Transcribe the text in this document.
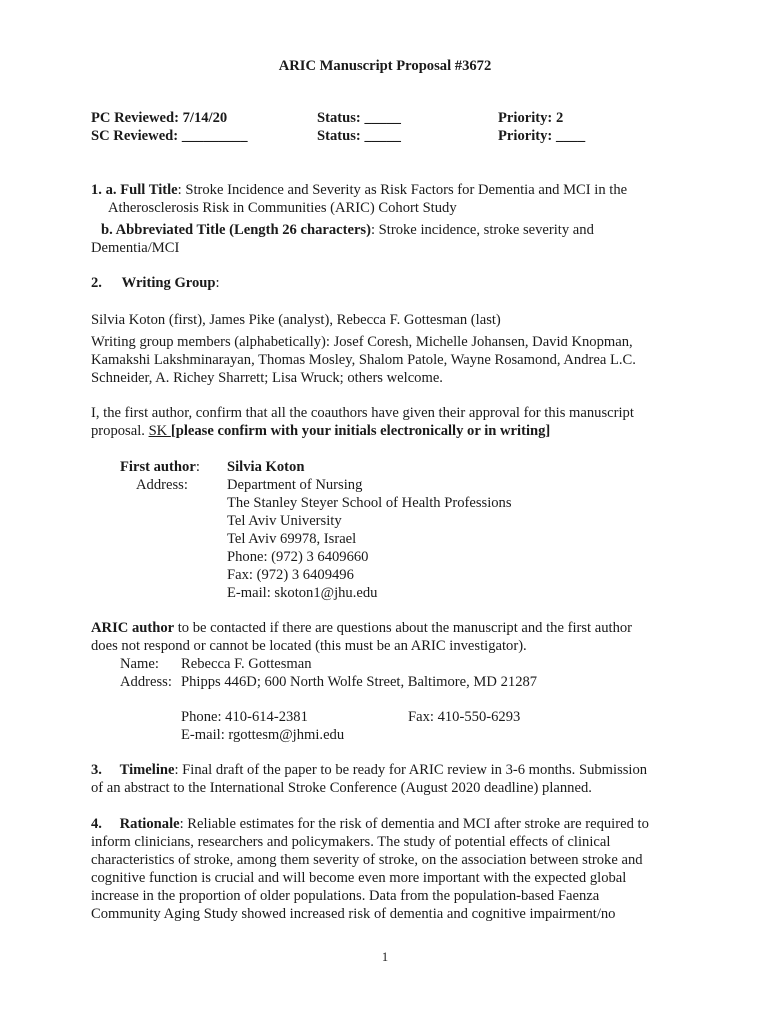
ARIC Manuscript Proposal #3672
PC Reviewed: 7/14/20
SC Reviewed: _________
Status: _____
Status: _____
Priority: 2
Priority: ____
1. a. Full Title: Stroke Incidence and Severity as Risk Factors for Dementia and MCI in the
Atherosclerosis Risk in Communities (ARIC) Cohort Study
b. Abbreviated Title (Length 26 characters): Stroke incidence, stroke severity and
Dementia/MCI
2. Writing Group:
Silvia Koton (first), James Pike (analyst), Rebecca F. Gottesman (last)
Writing group members (alphabetically): Josef Coresh, Michelle Johansen, David Knopman,
Kamakshi Lakshminarayan, Thomas Mosley, Shalom Patole, Wayne Rosamond, Andrea L.C.
Schneider, A. Richey Sharrett; Lisa Wruck; others welcome.
I, the first author, confirm that all the coauthors have given their approval for this manuscript
proposal. SK [please confirm with your initials electronically or in writing]
First author:
Address:
Silvia Koton
Department of Nursing
The Stanley Steyer School of Health Professions
Tel Aviv University
Tel Aviv 69978, Israel
Phone: (972) 3 6409660
Fax: (972) 3 6409496
E-mail: skoton1@jhu.edu
ARIC author to be contacted if there are questions about the manuscript and the first author
does not respond or cannot be located (this must be an ARIC investigator).
Name: Rebecca F. Gottesman
Address: Phipps 446D; 600 North Wolfe Street, Baltimore, MD 21287
Phone: 410-614-2381	Fax: 410-550-6293
E-mail: rgottesm@jhmi.edu
3. Timeline: Final draft of the paper to be ready for ARIC review in 3-6 months. Submission
of an abstract to the International Stroke Conference (August 2020 deadline) planned.
4. Rationale: Reliable estimates for the risk of dementia and MCI after stroke are required to
inform clinicians, researchers and policymakers. The study of potential effects of clinical
characteristics of stroke, among them severity of stroke, on the association between stroke and
cognitive function is crucial and will become even more important with the expected global
increase in the proportion of older populations. Data from the population-based Faenza
Community Aging Study showed increased risk of dementia and cognitive impairment/no
1
